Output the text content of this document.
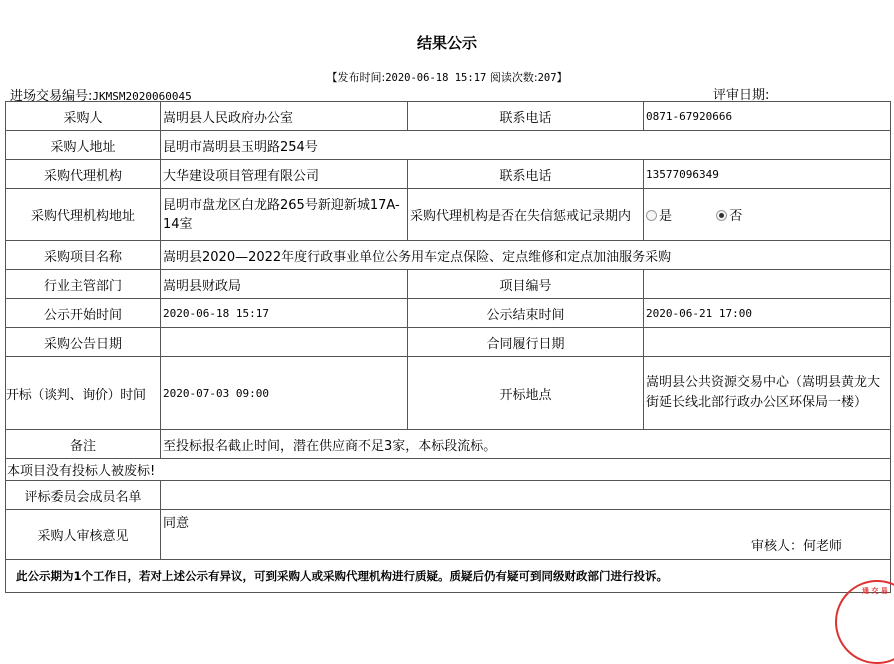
结果公示
【发布时间:2020-06-18 15:17 阅读次数:207】
进场交易编号:JKMSM2020060045	评审日期:
采购人	嵩明县人民政府办公室	联系电话	0871-67920666
采购人地址	昆明市嵩明县玉明路254号		
采购代理机构	大华建设项目管理有限公司	联系电话	13577096349
采购代理机构地址	昆明市盘龙区白龙路265号新迎新城17A-14室	采购代理机构是否在失信惩戒记录期内	是 否
采购项目名称	嵩明县2020—2022年度行政事业单位公务用车定点保险、定点维修和定点加油服务采购		
行业主管部门	嵩明县财政局	项目编号	
公示开始时间	2020-06-18 15:17	公示结束时间	2020-06-21 17:00
采购公告日期		合同履行日期	
开标（谈判、询价）时间	2020-07-03 09:00	开标地点	嵩明县公共资源交易中心（嵩明县黄龙大街延长线北部行政办公区环保局一楼）
备注	至投标报名截止时间，潜在供应商不足3家，本标段流标。		
本项目没有投标人被废标!			
评标委员会成员名单			
采购人审核意见	同意
审核人：何老师		

此公示期为1个工作日，若对上述公示有异议，可到采购人或采购代理机构进行质疑。质疑后仍有疑可到同级财政部门进行投诉。			
通 交 易
